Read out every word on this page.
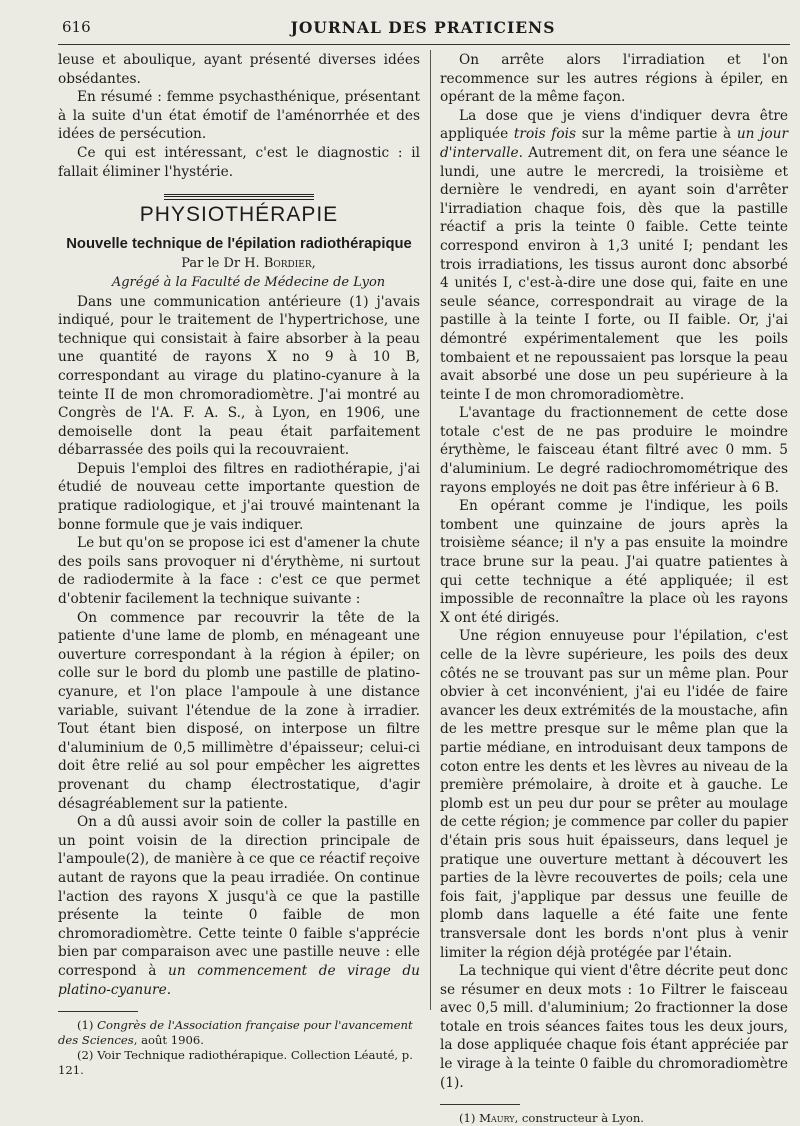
616	JOURNAL DES PRATICIENS

leuse et aboulique, ayant présenté diverses idées obsédantes.

En résumé : femme psychasthénique, présentant à la suite d'un état émotif de l'aménorrhée et des idées de persécution.

Ce qui est intéressant, c'est le diagnostic : il fallait éliminer l'hystérie.

PHYSIOTHÉRAPIE
Nouvelle technique de l'épilation radiothérapique

Par le Dr H. Bordier,

Agrégé à la Faculté de Médecine de Lyon

Dans une communication antérieure (1) j'avais indiqué, pour le traitement de l'hypertrichose, une technique qui consistait à faire absorber à la peau une quantité de rayons X no 9 à 10 B, correspondant au virage du platino-cyanure à la teinte II de mon chromoradiomètre. J'ai montré au Congrès de l'A. F. A. S., à Lyon, en 1906, une demoiselle dont la peau était parfaitement débarrassée des poils qui la recouvraient.

Depuis l'emploi des filtres en radiothérapie, j'ai étudié de nouveau cette importante question de pratique radiologique, et j'ai trouvé maintenant la bonne formule que je vais indiquer.

Le but qu'on se propose ici est d'amener la chute des poils sans provoquer ni d'érythème, ni surtout de radiodermite à la face : c'est ce que permet d'obtenir facilement la technique suivante :

On commence par recouvrir la tête de la patiente d'une lame de plomb, en ménageant une ouverture correspondant à la région à épiler; on colle sur le bord du plomb une pastille de platino-cyanure, et l'on place l'ampoule à une distance variable, suivant l'étendue de la zone à irradier. Tout étant bien disposé, on interpose un filtre d'aluminium de 0,5 millimètre d'épaisseur; celui-ci doit être relié au sol pour empêcher les aigrettes provenant du champ électrostatique, d'agir désagréablement sur la patiente.

On a dû aussi avoir soin de coller la pastille en un point voisin de la direction principale de l'ampoule(2), de manière à ce que ce réactif reçoive autant de rayons que la peau irradiée. On continue l'action des rayons X jusqu'à ce que la pastille présente la teinte 0 faible de mon chromoradiomètre. Cette teinte 0 faible s'apprécie bien par comparaison avec une pastille neuve : elle correspond à un commencement de virage du platino-cyanure.

(1) Congrès de l'Association française pour l'avancement des Sciences, août 1906.

(2) Voir Technique radiothérapique. Collection Léauté, p. 121.

On arrête alors l'irradiation et l'on recommence sur les autres régions à épiler, en opérant de la même façon.

La dose que je viens d'indiquer devra être appliquée trois fois sur la même partie à un jour d'intervalle. Autrement dit, on fera une séance le lundi, une autre le mercredi, la troisième et dernière le vendredi, en ayant soin d'arrêter l'irradiation chaque fois, dès que la pastille réactif a pris la teinte 0 faible. Cette teinte correspond environ à 1,3 unité I; pendant les trois irradiations, les tissus auront donc absorbé 4 unités I, c'est-à-dire une dose qui, faite en une seule séance, correspondrait au virage de la pastille à la teinte I forte, ou II faible. Or, j'ai démontré expérimentalement que les poils tombaient et ne repoussaient pas lorsque la peau avait absorbé une dose un peu supérieure à la teinte I de mon chromoradiomètre.

L'avantage du fractionnement de cette dose totale c'est de ne pas produire le moindre érythème, le faisceau étant filtré avec 0 mm. 5 d'aluminium. Le degré radiochromométrique des rayons employés ne doit pas être inférieur à 6 B.

En opérant comme je l'indique, les poils tombent une quinzaine de jours après la troisième séance; il n'y a pas ensuite la moindre trace brune sur la peau. J'ai quatre patientes à qui cette technique a été appliquée; il est impossible de reconnaître la place où les rayons X ont été dirigés.

Une région ennuyeuse pour l'épilation, c'est celle de la lèvre supérieure, les poils des deux côtés ne se trouvant pas sur un même plan. Pour obvier à cet inconvénient, j'ai eu l'idée de faire avancer les deux extrémités de la moustache, afin de les mettre presque sur le même plan que la partie médiane, en introduisant deux tampons de coton entre les dents et les lèvres au niveau de la première prémolaire, à droite et à gauche. Le plomb est un peu dur pour se prêter au moulage de cette région; je commence par coller du papier d'étain pris sous huit épaisseurs, dans lequel je pratique une ouverture mettant à découvert les parties de la lèvre recouvertes de poils; cela une fois fait, j'applique par dessus une feuille de plomb dans laquelle a été faite une fente transversale dont les bords n'ont plus à venir limiter la région déjà protégée par l'étain.

La technique qui vient d'être décrite peut donc se résumer en deux mots : 1o Filtrer le faisceau avec 0,5 mill. d'aluminium; 2o fractionner la dose totale en trois séances faites tous les deux jours, la dose appliquée chaque fois étant appréciée par le virage à la teinte 0 faible du chromoradiomètre (1).

(1) Maury, constructeur à Lyon.
